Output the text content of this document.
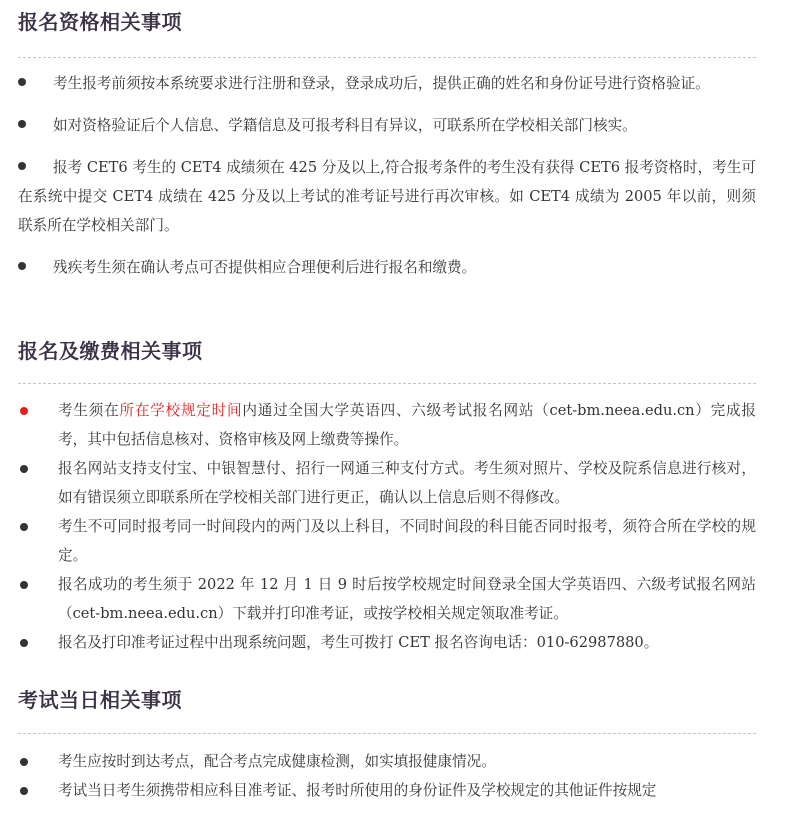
报名资格相关事项
考生报考前须按本系统要求进行注册和登录，登录成功后，提供正确的姓名和身份证号进行资格验证。
如对资格验证后个人信息、学籍信息及可报考科目有异议，可联系所在学校相关部门核实。
报考 CET6 考生的 CET4 成绩须在 425 分及以上,符合报考条件的考生没有获得 CET6 报考资格时，考生可在系统中提交 CET4 成绩在 425 分及以上考试的准考证号进行再次审核。如 CET4 成绩为 2005 年以前，则须联系所在学校相关部门。
残疾考生须在确认考点可否提供相应合理便利后进行报名和缴费。
报名及缴费相关事项
考生须在所在学校规定时间内通过全国大学英语四、六级考试报名网站（cet-bm.neea.edu.cn）完成报考，其中包括信息核对、资格审核及网上缴费等操作。
报名网站支持支付宝、中银智慧付、招行一网通三种支付方式。考生须对照片、学校及院系信息进行核对，如有错误须立即联系所在学校相关部门进行更正，确认以上信息后则不得修改。
考生不可同时报考同一时间段内的两门及以上科目，不同时间段的科目能否同时报考，须符合所在学校的规定。
报名成功的考生须于 2022 年 12 月 1 日 9 时后按学校规定时间登录全国大学英语四、六级考试报名网站（cet-bm.neea.edu.cn）下载并打印准考证，或按学校相关规定领取准考证。
报名及打印准考证过程中出现系统问题，考生可拨打 CET 报名咨询电话：010-62987880。
考试当日相关事项
考生应按时到达考点，配合考点完成健康检测，如实填报健康情况。
考试当日考生须携带相应科目准考证、报考时所使用的身份证件及学校规定的其他证件按规定
